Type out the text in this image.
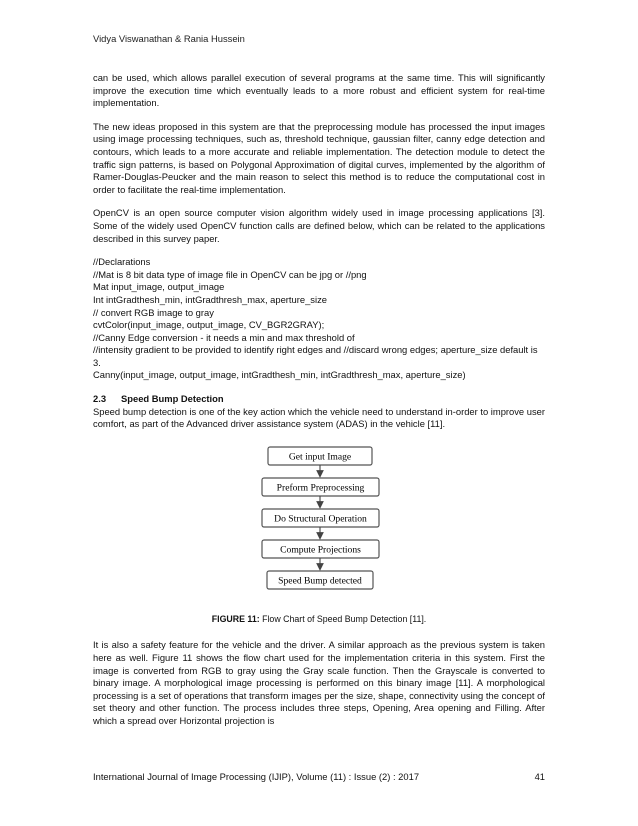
Vidya Viswanathan & Rania Hussein

can be used, which allows parallel execution of several programs at the same time. This will significantly improve the execution time which eventually leads to a more robust and efficient system for real-time implementation.

The new ideas proposed in this system are that the preprocessing module has processed the input images using image processing techniques, such as, threshold technique, gaussian filter, canny edge detection and contours, which leads to a more accurate and reliable implementation. The detection module to detect the traffic sign patterns, is based on Polygonal Approximation of digital curves, implemented by the algorithm of Ramer-Douglas-Peucker and the main reason to select this method is to reduce the computational cost in order to facilitate the real-time implementation.

OpenCV is an open source computer vision algorithm widely used in image processing applications [3]. Some of the widely used OpenCV function calls are defined below, which can be related to the applications described in this survey paper.

//Declarations
//Mat is 8 bit data type of image file in OpenCV can be jpg or //png
Mat input_image, output_image
Int intGradthesh_min, intGradthresh_max, aperture_size
// convert RGB image to gray
cvtColor(input_image, output_image, CV_BGR2GRAY);
//Canny Edge conversion - it needs a min and max threshold of
//intensity gradient to be provided to identify right edges and //discard wrong edges; aperture_size default is 3.
Canny(input_image, output_image, intGradthesh_min, intGradthresh_max, aperture_size)
2.3 Speed Bump Detection

Speed bump detection is one of the key action which the vehicle need to understand in-order to improve user comfort, as part of the Advanced driver assistance system (ADAS) in the vehicle [11].

Get input Image
Preform Preprocessing
Do Structural Operation
Compute Projections
Speed Bump detected
FIGURE 11: Flow Chart of Speed Bump Detection [11].

It is also a safety feature for the vehicle and the driver. A similar approach as the previous system is taken here as well. Figure 11 shows the flow chart used for the implementation criteria in this system. First the image is converted from RGB to gray using the Gray scale function. Then the Grayscale is converted to binary image. A morphological image processing is performed on this binary image [11]. A morphological processing is a set of operations that transform images per the size, shape, connectivity using the concept of set theory and other function. The process includes three steps, Opening, Area opening and Filling. After which a spread over Horizontal projection is

International Journal of Image Processing (IJIP), Volume (11) : Issue (2) : 2017	41
